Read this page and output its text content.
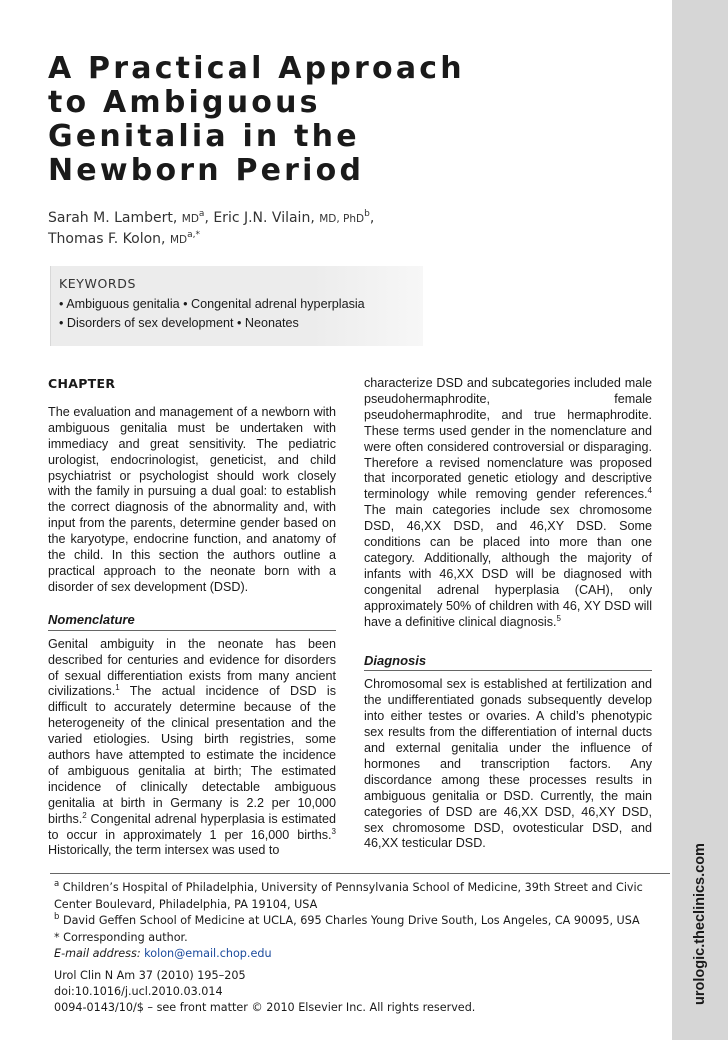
urologic.theclinics.com
A Practical Approach
to Ambiguous
Genitalia in the
Newborn Period
Sarah M. Lambert, $MD^a$, Eric J.N. Vilain, MD, PhD$^b$,
Thomas F. Kolon, $MD^{a,*}$
KEYWORDS
• Ambiguous genitalia • Congenital adrenal hyperplasia
• Disorders of sex development • Neonates

CHAPTER

The evaluation and management of a newborn with ambiguous genitalia must be undertaken with immediacy and great sensitivity. The pediatric urologist, endocrinologist, geneticist, and child psychiatrist or psychologist should work closely with the family in pursuing a dual goal: to establish the correct diagnosis of the abnormality and, with input from the parents, determine gender based on the karyotype, endocrine function, and anatomy of the child. In this section the authors outline a practical approach to the neonate born with a disorder of sex development (DSD).

Nomenclature

Genital ambiguity in the neonate has been described for centuries and evidence for disorders of sexual differentiation exists from many ancient civilizations.$^1$ The actual incidence of DSD is difficult to accurately determine because of the heterogeneity of the clinical presentation and the varied etiologies. Using birth registries, some authors have attempted to estimate the incidence of ambiguous genitalia at birth; The estimated incidence of clinically detectable ambiguous genitalia at birth in Germany is 2.2 per 10,000 births.$^2$ Congenital adrenal hyperplasia is estimated to occur in approximately 1 per 16,000 births.$^3$ Historically, the term intersex was used to

characterize DSD and subcategories included male pseudohermaphrodite, female pseudohermaphrodite, and true hermaphrodite. These terms used gender in the nomenclature and were often considered controversial or disparaging. Therefore a revised nomenclature was proposed that incorporated genetic etiology and descriptive terminology while removing gender references.$^4$ The main categories include sex chromosome DSD, 46,XX DSD, and 46,XY DSD. Some conditions can be placed into more than one category. Additionally, although the majority of infants with 46,XX DSD will be diagnosed with congenital adrenal hyperplasia (CAH), only approximately 50% of children with 46, XY DSD will have a definitive clinical diagnosis.$^5$

Diagnosis

Chromosomal sex is established at fertilization and the undifferentiated gonads subsequently develop into either testes or ovaries. A child’s phenotypic sex results from the differentiation of internal ducts and external genitalia under the influence of hormones and transcription factors. Any discordance among these processes results in ambiguous genitalia or DSD. Currently, the main categories of DSD are 46,XX DSD, 46,XY DSD, sex chromosome DSD, ovotesticular DSD, and 46,XX testicular DSD.

$^a$ Children’s Hospital of Philadelphia, University of Pennsylvania School of Medicine, 39th Street and Civic
Center Boulevard, Philadelphia, PA 19104, USA
$^b$ David Geffen School of Medicine at UCLA, 695 Charles Young Drive South, Los Angeles, CA 90095, USA
* Corresponding author.
E-mail address: kolon@email.chop.edu
Urol Clin N Am 37 (2010) 195–205
doi:10.1016/j.ucl.2010.03.014
0094-0143/10/$ – see front matter © 2010 Elsevier Inc. All rights reserved.
